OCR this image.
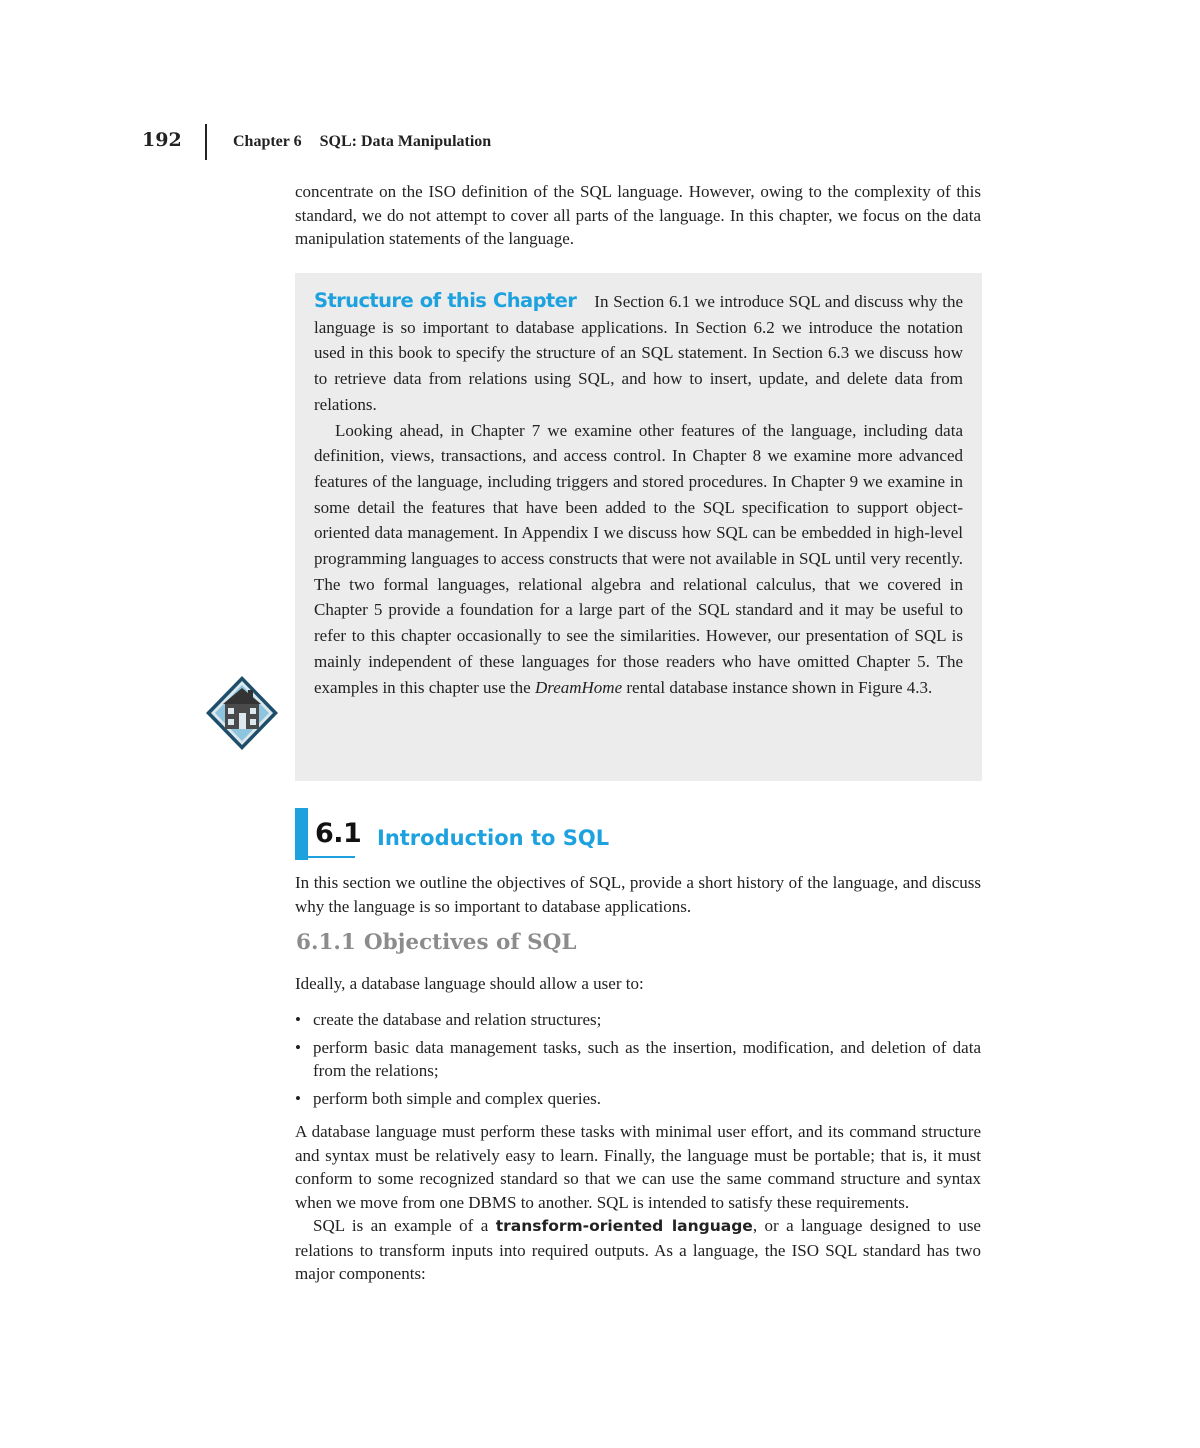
192	Chapter 6 SQL: Data Manipulation

concentrate on the ISO definition of the SQL language. However, owing to the complexity of this standard, we do not attempt to cover all parts of the language. In this chapter, we focus on the data manipulation statements of the language.

Structure of this Chapter In Section 6.1 we introduce SQL and discuss why the language is so important to database applications. In Section 6.2 we introduce the notation used in this book to specify the structure of an SQL statement. In Section 6.3 we discuss how to retrieve data from relations using SQL, and how to insert, update, and delete data from relations.

Looking ahead, in Chapter 7 we examine other features of the language, including data definition, views, transactions, and access control. In Chapter 8 we examine more advanced features of the language, including triggers and stored procedures. In Chapter 9 we examine in some detail the features that have been added to the SQL specification to support object-oriented data management. In Appendix I we discuss how SQL can be embedded in high-level programming languages to access constructs that were not available in SQL until very recently. The two formal languages, relational algebra and relational calculus, that we covered in Chapter 5 provide a foundation for a large part of the SQL standard and it may be useful to refer to this chapter occasionally to see the similarities. However, our presentation of SQL is mainly independent of these languages for those readers who have omitted Chapter 5. The examples in this chapter use the DreamHome rental database instance shown in Figure 4.3.

6.1 Introduction to SQL

In this section we outline the objectives of SQL, provide a short history of the language, and discuss why the language is so important to database applications.

6.1.1 Objectives of SQL

Ideally, a database language should allow a user to:

• create the database and relation structures;
• perform basic data management tasks, such as the insertion, modification, and deletion of data from the relations;
• perform both simple and complex queries.

A database language must perform these tasks with minimal user effort, and its command structure and syntax must be relatively easy to learn. Finally, the language must be portable; that is, it must conform to some recognized standard so that we can use the same command structure and syntax when we move from one DBMS to another. SQL is intended to satisfy these requirements.

SQL is an example of a transform-oriented language, or a language designed to use relations to transform inputs into required outputs. As a language, the ISO SQL standard has two major components:
